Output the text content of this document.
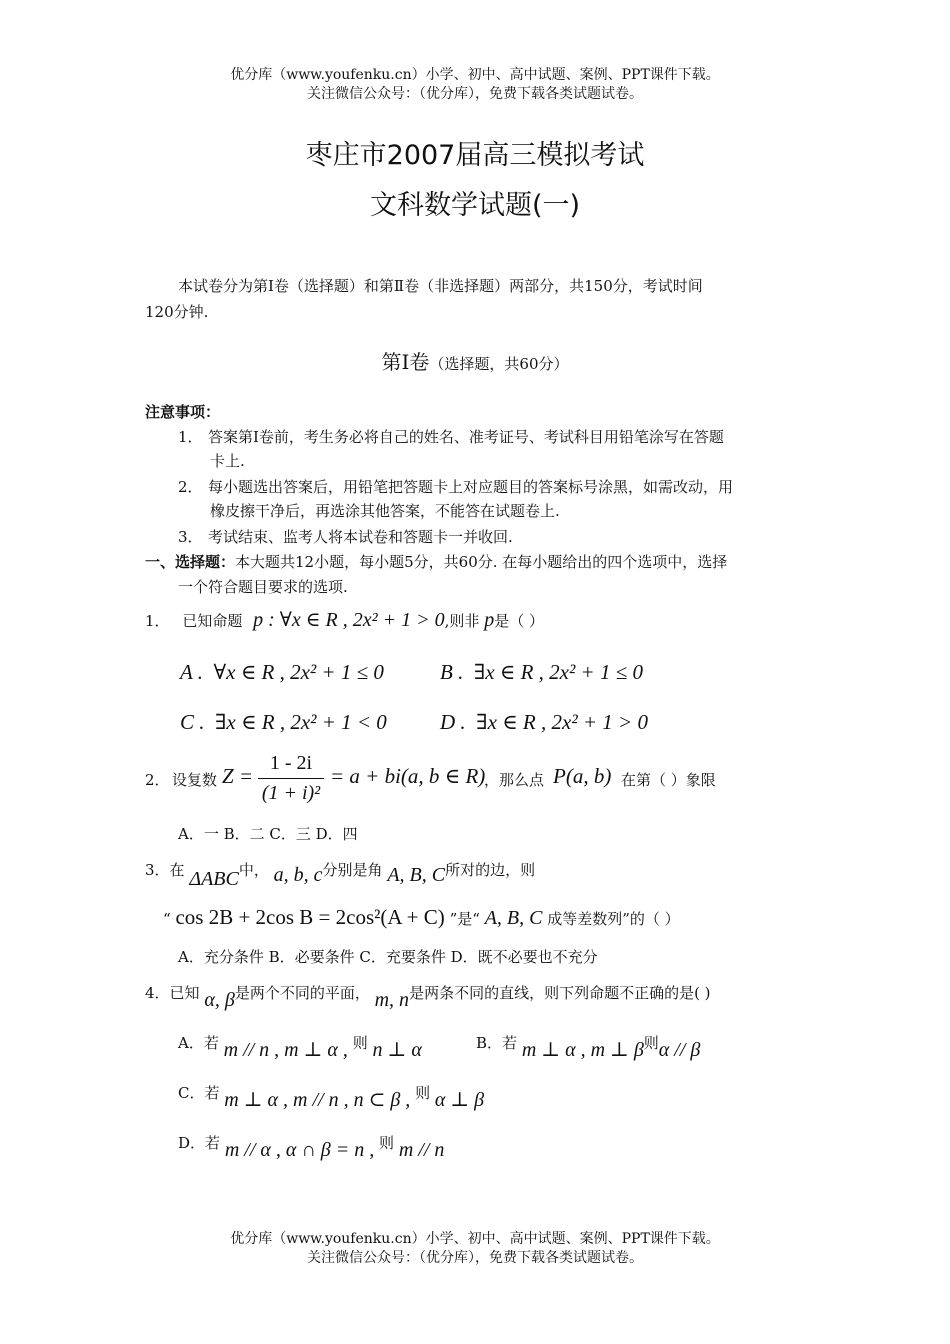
优分库（www.youfenku.cn）小学、初中、高中试题、案例、PPT课件下载。
关注微信公众号：（优分库），免费下载各类试题试卷。
枣庄市2007届高三模拟考试
文科数学试题(一)
本试卷分为第Ⅰ卷（选择题）和第Ⅱ卷（非选择题）两部分，共150分，考试时间
120分钟.
第Ⅰ卷（选择题，共60分）
注意事项：
1． 答案第Ⅰ卷前，考生务必将自己的姓名、准考证号、考试科目用铅笔涂写在答题
卡上.
2． 每小题选出答案后，用铅笔把答题卡上对应题目的答案标号涂黑，如需改动，用
橡皮擦干净后，再选涂其他答案，不能答在试题卷上.
3． 考试结束、监考人将本试卷和答题卡一并收回.
一、选择题：本大题共12小题，每小题5分，共60分. 在每小题给出的四个选项中，选择
一个符合题目要求的选项.
1． 已知命题 p : ∀x ∈ R , 2x² + 1 > 0,则非 p是（ ）
A . ∀x ∈ R , 2x² + 1 ≤ 0	B . ∃x ∈ R , 2x² + 1 ≤ 0
C . ∃x ∈ R , 2x² + 1 < 0	D . ∃x ∈ R , 2x² + 1 > 0
2． 设复数 Z =
1 - 2i
(1 + i)²
= a + bi(a, b ∈ R)
，那么点 P(a, b) 在第（ ）象限
A．一 B．二 C．三 D．四
3．在 ΔABC中， a, b, c分别是角 A, B, C所对的边，则
“ cos 2B + 2cos B = 2cos²(A + C) ”是“ A, B, C 成等差数列”的（ ）
A．充分条件 B．必要条件 C．充要条件 D．既不必要也不充分
4．已知 α, β是两个不同的平面， m, n是两条不同的直线，则下列命题不正确的是( )
A．若 m // n , m ⊥ α , 则 n ⊥ α	B．若 m ⊥ α , m ⊥ β则α // β
C．若 m ⊥ α , m // n , n ⊂ β , 则 α ⊥ β
D．若 m // α , α ∩ β = n , 则 m // n
优分库（www.youfenku.cn）小学、初中、高中试题、案例、PPT课件下载。
关注微信公众号：（优分库），免费下载各类试题试卷。
